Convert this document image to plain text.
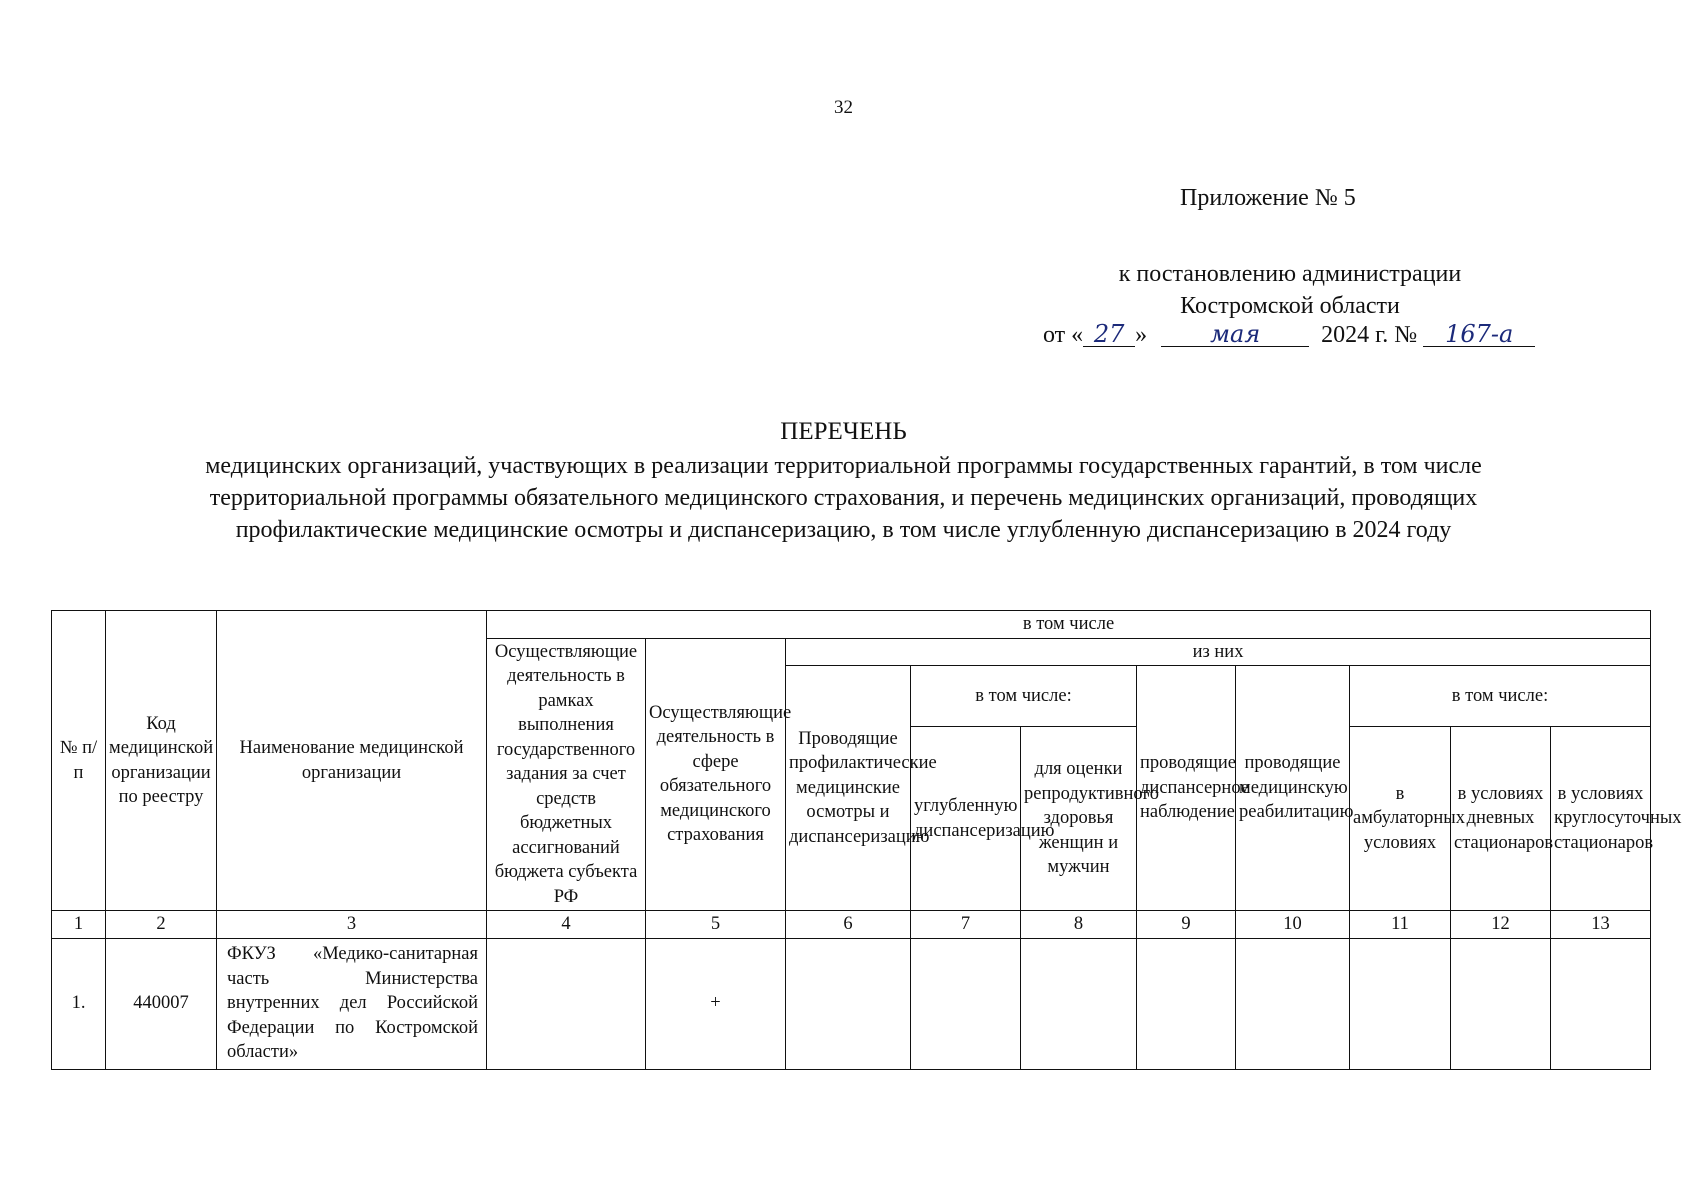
32
Приложение № 5
к постановлению администрации
Костромской области
от « 27 »	мая	2024 г. № 167-а
ПЕРЕЧЕНЬ
медицинских организаций, участвующих в реализации территориальной программы государственных гарантий, в том числе территориальной программы обязательного медицинского страхования, и перечень медицинских организаций, проводящих профилактические медицинские осмотры и диспансеризацию, в том числе углубленную диспансеризацию в 2024 году
№ п/п	Код медицинской организации по реестру	Наименование медицинской организации	в том числе									
			Осуществляющие деятельность в рамках выполнения государственного задания за счет средств бюджетных ассигнований бюджета субъекта РФ	Осуществляющие деятельность в сфере обязательного медицинского страхования	из них							
					Проводящие профилактические медицинские осмотры и диспансеризацию	в том числе:		проводящие диспансерное наблюдение	проводящие медицинскую реабилитацию	в том числе:		
						углубленную диспансеризацию	для оценки репродуктивного здоровья женщин и мужчин			в амбулаторных условиях	в условиях дневных стационаров	в условиях круглосуточных стационаров

1	2	3	4	5	6	7	8	9	10	11	12	13
1.	440007	ФКУЗ «Медико-санитарная часть Министерства внутренних дел Российской Федерации по Костромской области»		+								
